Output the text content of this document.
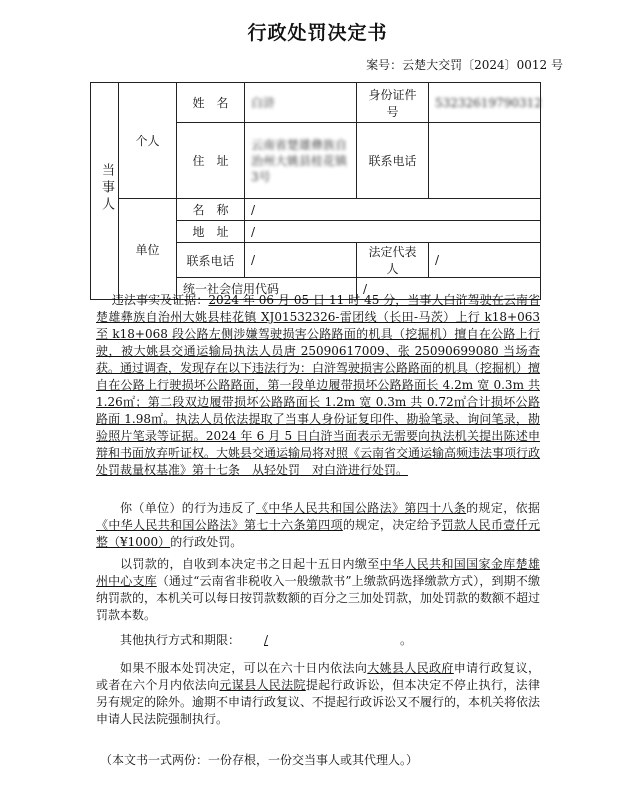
行政处罚决定书
案号：云楚大交罚〔2024〕0012 号
当事人	个人	姓　名	白浒	身份证件号	53232619790312
		住　址	云南省楚雄彝族自治州大姚县桂花镇 3号	联系电话	
	单位	名　称	/		
		地　址	/		
		联系电话	/	法定代表人	/
		统一社会信用代码		/	
违法事实及证据：2024 年 06 月 05 日 11 时 45 分，当事人白浒驾驶在云南省楚雄彝族自治州大姚县桂花镇 XJ01532326-雷团线（长田-马茨）上行 k18+063 至 k18+068 段公路左侧涉嫌驾驶损害公路路面的机具（挖掘机）擅自在公路上行驶，被大姚县交通运输局执法人员唐 25090617009、张 25090699080 当场查获。通过调查，发现存在以下违法行为：白浒驾驶损害公路路面的机具（挖掘机）擅自在公路上行驶损坏公路路面，第一段单边履带损坏公路路面长 4.2m 宽 0.3m 共 1.26㎡；第二段双边履带损坏公路路面长 1.2m 宽 0.3m 共 0.72㎡合计损坏公路路面 1.98㎡。执法人员依法提取了当事人身份证复印件、勘验笔录、询问笔录，勘验照片笔录等证据。2024 年 6 月 5 日白浒当面表示无需要向执法机关提出陈述申辩和书面放弃听证权。大姚县交通运输局将对照《云南省交通运输高频违法事项行政处罚裁量权基准》第十七条　从轻处罚　对白浒进行处罚。
你（单位）的行为违反了《中华人民共和国公路法》第四十八条的规定，依据《中华人民共和国公路法》第七十六条第四项的规定，决定给予罚款人民币壹仟元整（¥1000）的行政处罚。
以罚款的，自收到本决定书之日起十五日内缴至中华人民共和国国家金库楚雄州中心支库（通过“云南省非税收入一般缴款书”上缴款码选择缴款方式），到期不缴纳罚款的，本机关可以每日按罚款数额的百分之三加处罚款，加处罚款的数额不超过罚款本数。
其他执行方式和期限： /	。
如果不服本处罚决定，可以在六十日内依法向大姚县人民政府申请行政复议，或者在六个月内依法向元谋县人民法院提起行政诉讼，但本决定不停止执行，法律另有规定的除外。逾期不申请行政复议、不提起行政诉讼又不履行的，本机关将依法申请人民法院强制执行。
（本文书一式两份：一份存根，一份交当事人或其代理人。）
